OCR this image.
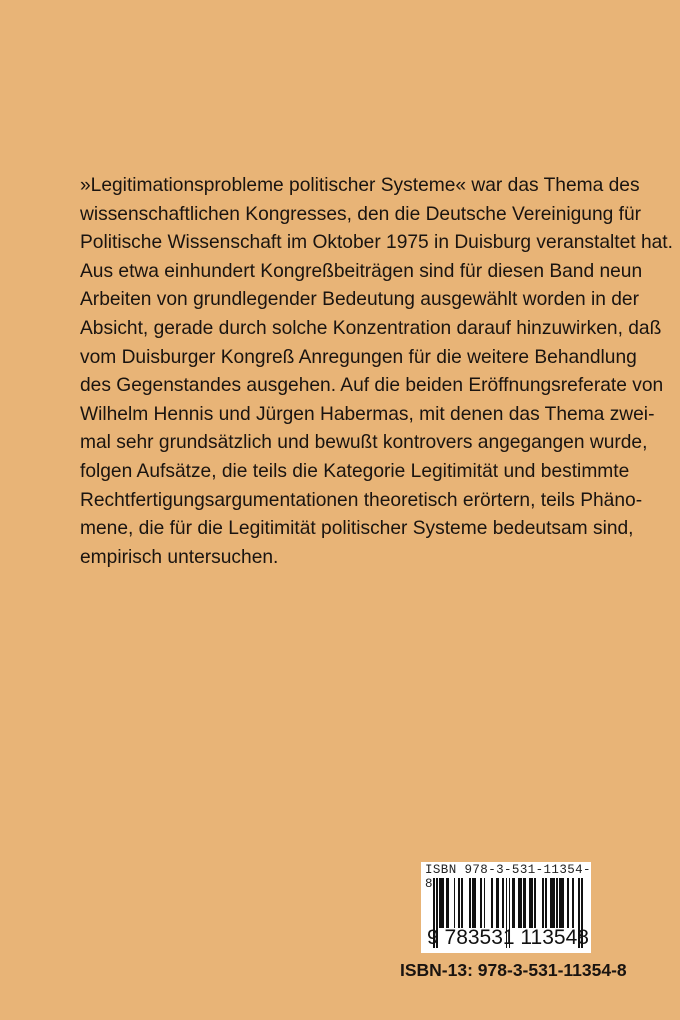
»Legitimationsprobleme politischer Systeme« war das Thema des
wissenschaftlichen Kongresses, den die Deutsche Vereinigung für
Politische Wissenschaft im Oktober 1975 in Duisburg veranstaltet hat.
Aus etwa einhundert Kongreßbeiträgen sind für diesen Band neun
Arbeiten von grundlegender Bedeutung ausgewählt worden in der
Absicht, gerade durch solche Konzentration darauf hinzuwirken, daß
vom Duisburger Kongreß Anregungen für die weitere Behandlung
des Gegenstandes ausgehen. Auf die beiden Eröffnungsreferate von
Wilhelm Hennis und Jürgen Habermas, mit denen das Thema zwei-
mal sehr grundsätzlich und bewußt kontrovers angegangen wurde,
folgen Aufsätze, die teils die Kategorie Legitimität und bestimmte
Rechtfertigungsargumentationen theoretisch erörtern, teils Phäno-
mene, die für die Legitimität politischer Systeme bedeutsam sind,
empirisch untersuchen.
ISBN 978-3-531-11354-8
9 783531 113548
ISBN-13: 978-3-531-11354-8
